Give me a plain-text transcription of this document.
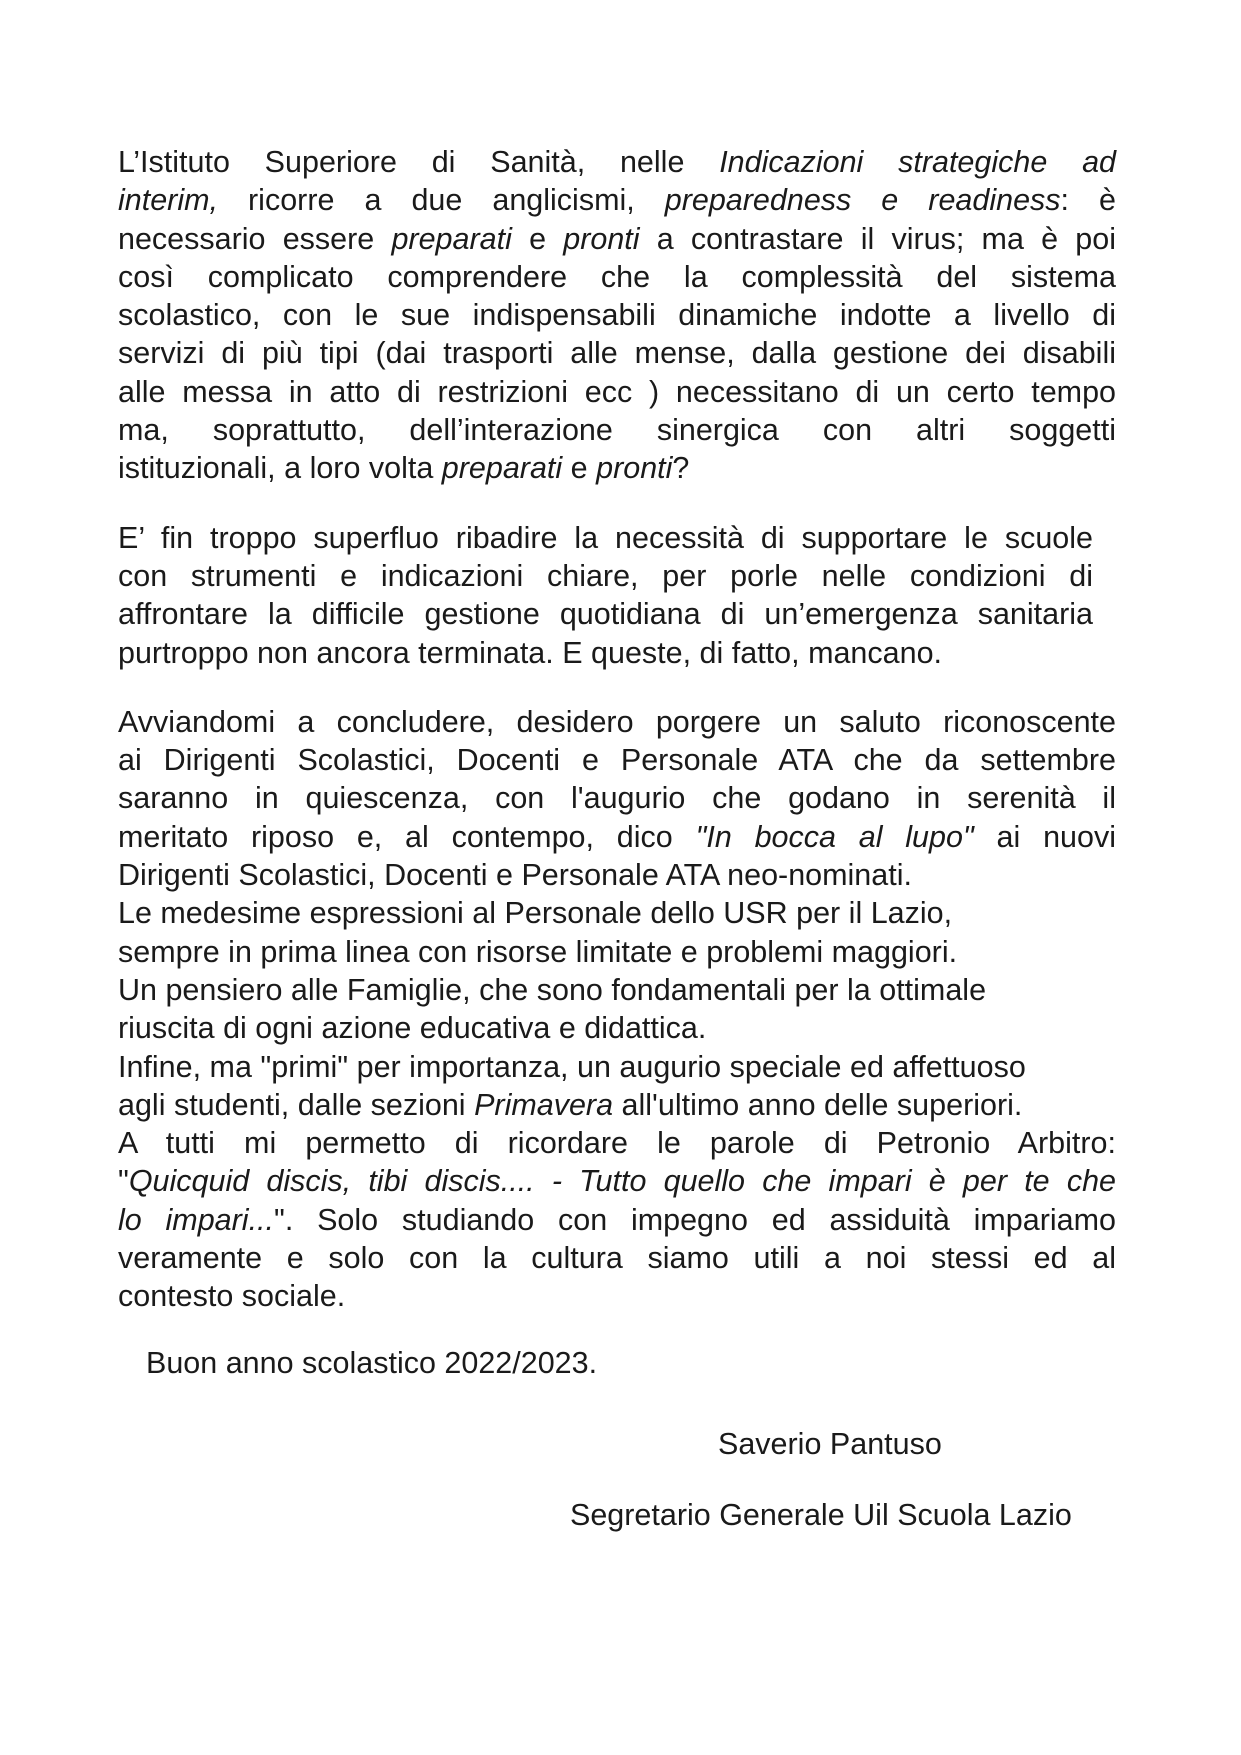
L’Istituto Superiore di Sanità, nelle Indicazioni strategiche ad
interim, ricorre a due anglicismi, preparedness e readiness: è
necessario essere preparati e pronti a contrastare il virus; ma è poi
così complicato comprendere che la complessità del sistema
scolastico, con le sue indispensabili dinamiche indotte a livello di
servizi di più tipi (dai trasporti alle mense, dalla gestione dei disabili
alle messa in atto di restrizioni ecc ) necessitano di un certo tempo
ma, soprattutto, dell’interazione sinergica con altri soggetti
istituzionali, a loro volta preparati e pronti?

E’ fin troppo superfluo ribadire la necessità di supportare le scuole
con strumenti e indicazioni chiare, per porle nelle condizioni di
affrontare la difficile gestione quotidiana di un’emergenza sanitaria
purtroppo non ancora terminata. E queste, di fatto, mancano.

Avviandomi a concludere, desidero porgere un saluto riconoscente
ai Dirigenti Scolastici, Docenti e Personale ATA che da settembre
saranno in quiescenza, con l'augurio che godano in serenità il
meritato riposo e, al contempo, dico "In bocca al lupo" ai nuovi
Dirigenti Scolastici, Docenti e Personale ATA neo-nominati.
Le medesime espressioni al Personale dello USR per il Lazio,
sempre in prima linea con risorse limitate e problemi maggiori.
Un pensiero alle Famiglie, che sono fondamentali per la ottimale
riuscita di ogni azione educativa e didattica.
Infine, ma "primi" per importanza, un augurio speciale ed affettuoso
agli studenti, dalle sezioni Primavera all'ultimo anno delle superiori.
A tutti mi permetto di ricordare le parole di Petronio Arbitro:
"Quicquid discis, tibi discis.... - Tutto quello che impari è per te che
lo impari...". Solo studiando con impegno ed assiduità impariamo
veramente e solo con la cultura siamo utili a noi stessi ed al
contesto sociale.

Buon anno scolastico 2022/2023.
Saverio Pantuso
Segretario Generale Uil Scuola Lazio
